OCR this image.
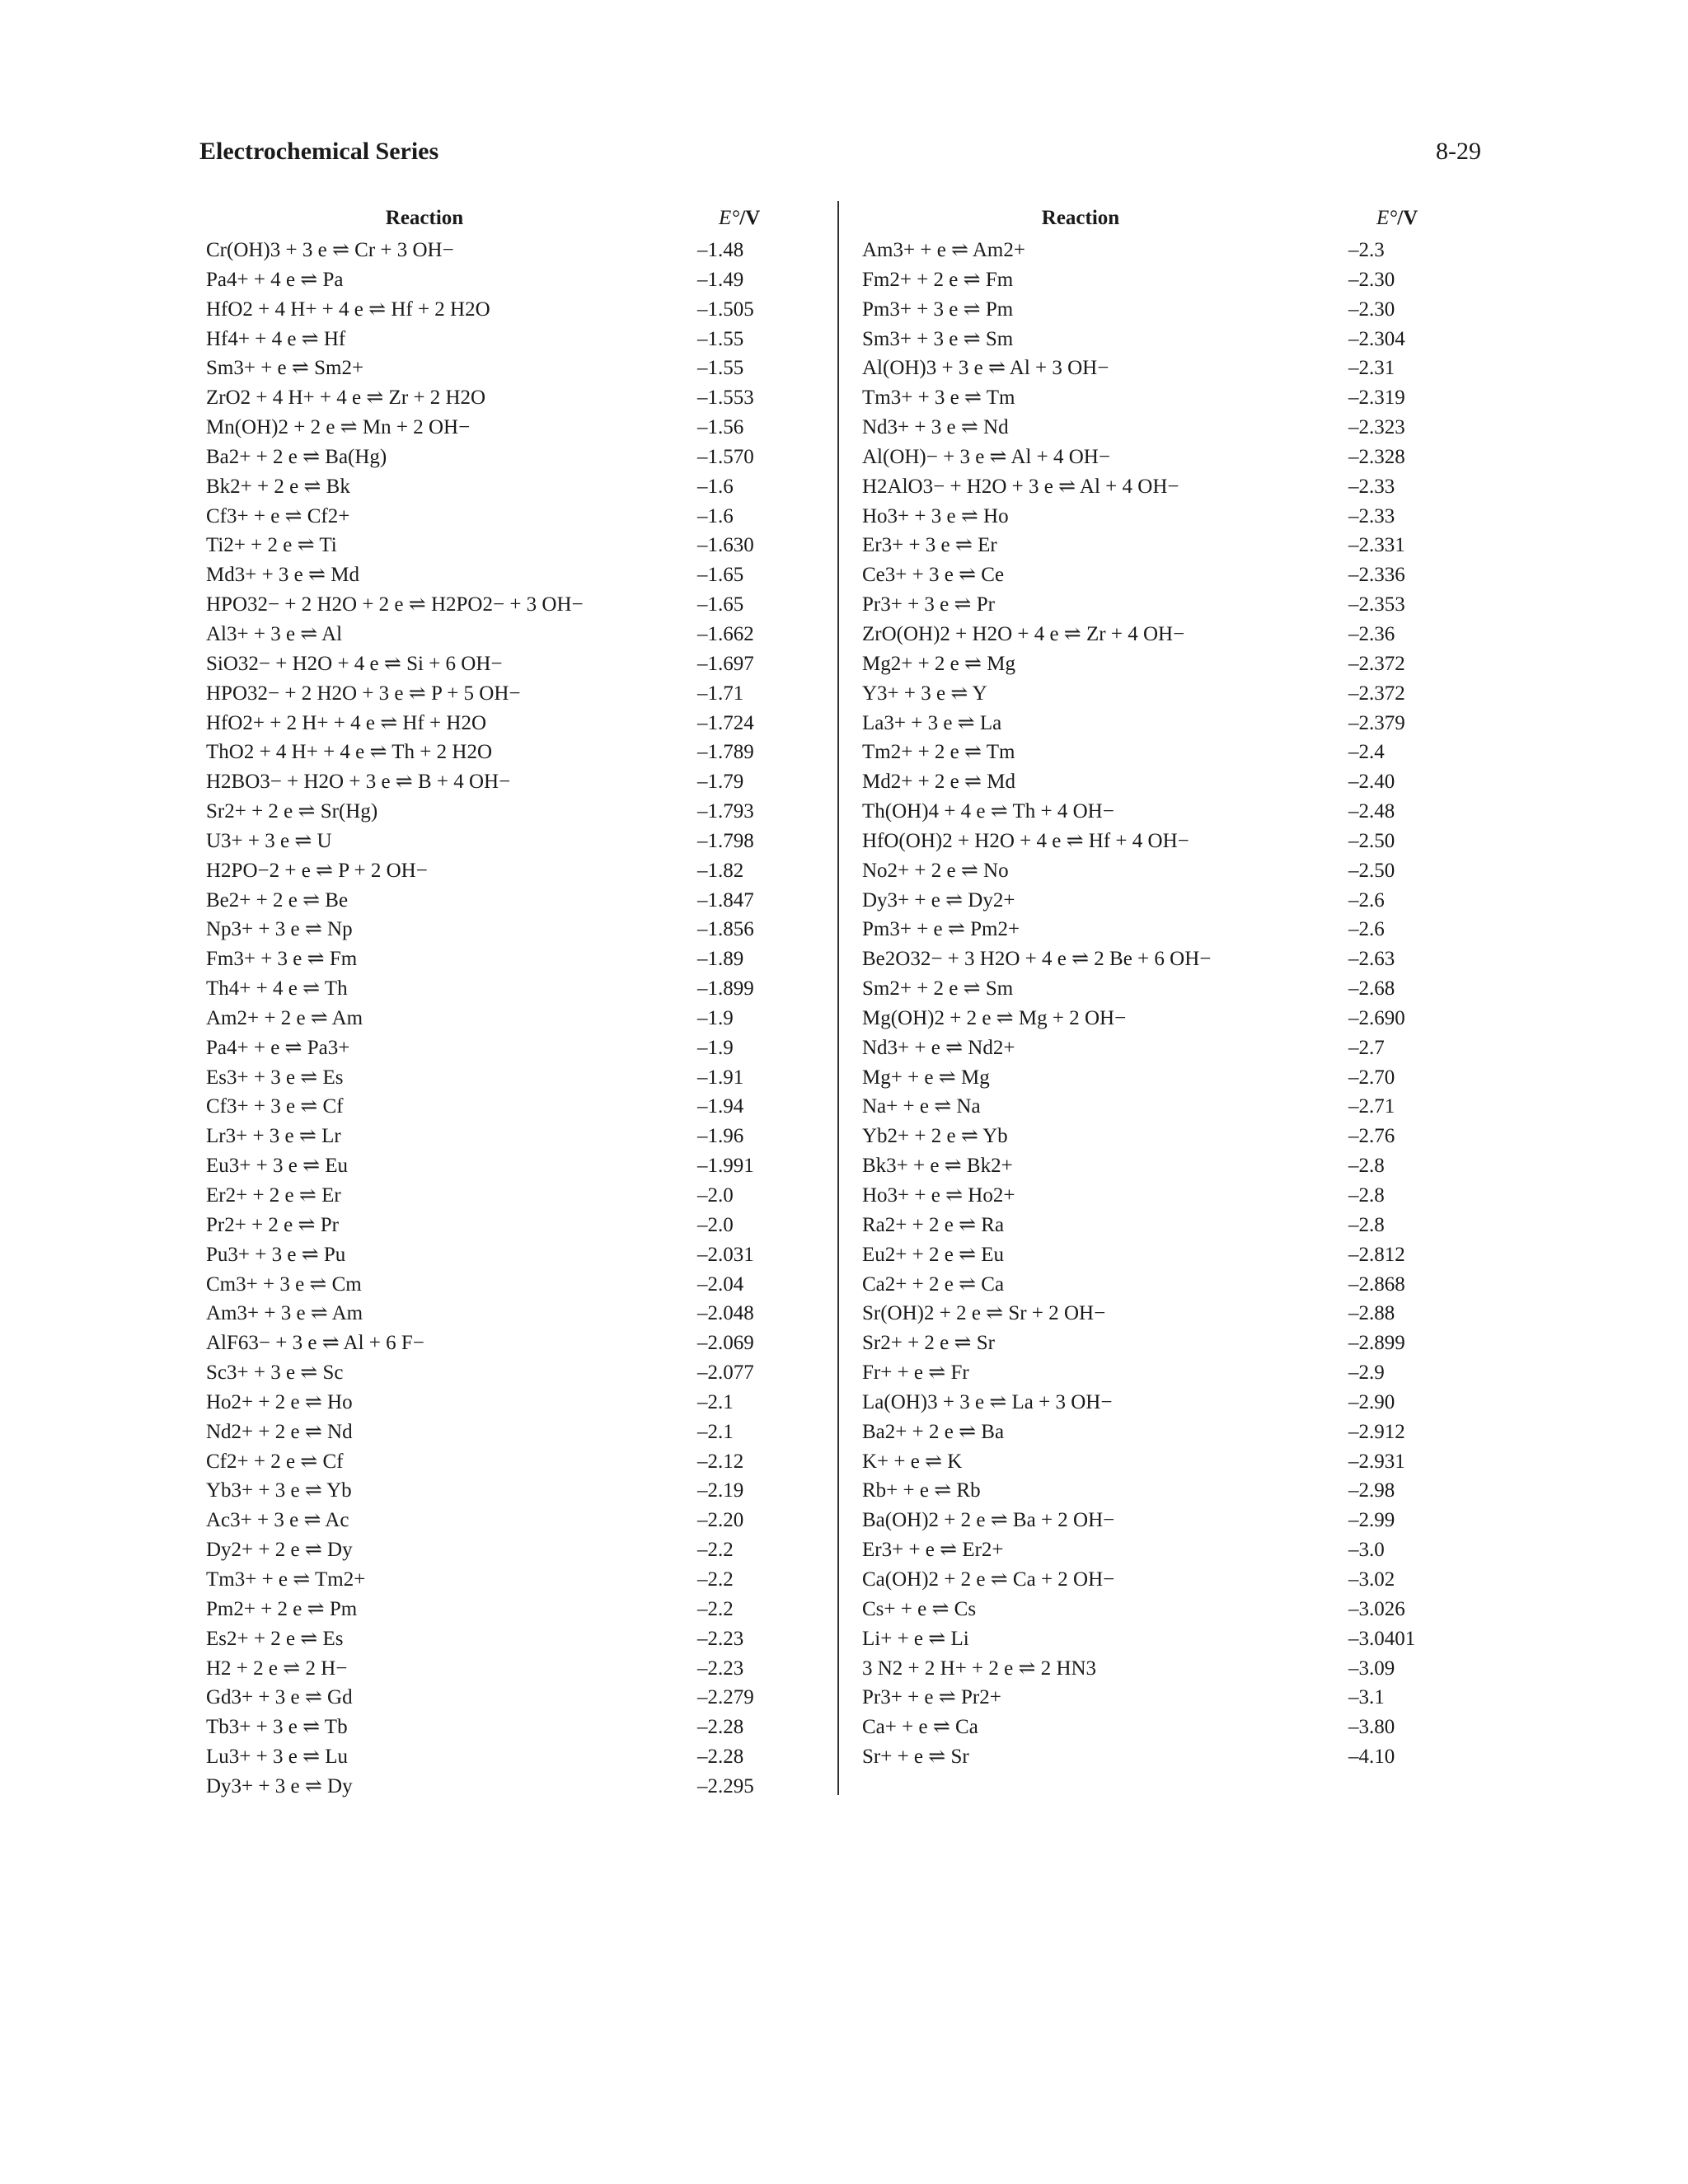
Electrochemical Series	8-29
Reaction	E°/V
Cr(OH)3 + 3 e ⇌ Cr + 3 OH−	–1.48
Pa4+ + 4 e ⇌ Pa	–1.49
HfO2 + 4 H+ + 4 e ⇌ Hf + 2 H2O	–1.505
Hf4+ + 4 e ⇌ Hf	–1.55
Sm3+ + e ⇌ Sm2+	–1.55
ZrO2 + 4 H+ + 4 e ⇌ Zr + 2 H2O	–1.553
Mn(OH)2 + 2 e ⇌ Mn + 2 OH−	–1.56
Ba2+ + 2 e ⇌ Ba(Hg)	–1.570
Bk2+ + 2 e ⇌ Bk	–1.6
Cf3+ + e ⇌ Cf2+	–1.6
Ti2+ + 2 e ⇌ Ti	–1.630
Md3+ + 3 e ⇌ Md	–1.65
HPO32− + 2 H2O + 2 e ⇌ H2PO2− + 3 OH−	–1.65
Al3+ + 3 e ⇌ Al	–1.662
SiO32− + H2O + 4 e ⇌ Si + 6 OH−	–1.697
HPO32− + 2 H2O + 3 e ⇌ P + 5 OH−	–1.71
HfO2+ + 2 H+ + 4 e ⇌ Hf + H2O	–1.724
ThO2 + 4 H+ + 4 e ⇌ Th + 2 H2O	–1.789
H2BO3− + H2O + 3 e ⇌ B + 4 OH−	–1.79
Sr2+ + 2 e ⇌ Sr(Hg)	–1.793
U3+ + 3 e ⇌ U	–1.798
H2PO−2 + e ⇌ P + 2 OH−	–1.82
Be2+ + 2 e ⇌ Be	–1.847
Np3+ + 3 e ⇌ Np	–1.856
Fm3+ + 3 e ⇌ Fm	–1.89
Th4+ + 4 e ⇌ Th	–1.899
Am2+ + 2 e ⇌ Am	–1.9
Pa4+ + e ⇌ Pa3+	–1.9
Es3+ + 3 e ⇌ Es	–1.91
Cf3+ + 3 e ⇌ Cf	–1.94
Lr3+ + 3 e ⇌ Lr	–1.96
Eu3+ + 3 e ⇌ Eu	–1.991
Er2+ + 2 e ⇌ Er	–2.0
Pr2+ + 2 e ⇌ Pr	–2.0
Pu3+ + 3 e ⇌ Pu	–2.031
Cm3+ + 3 e ⇌ Cm	–2.04
Am3+ + 3 e ⇌ Am	–2.048
AlF63− + 3 e ⇌ Al + 6 F−	–2.069
Sc3+ + 3 e ⇌ Sc	–2.077
Ho2+ + 2 e ⇌ Ho	–2.1
Nd2+ + 2 e ⇌ Nd	–2.1
Cf2+ + 2 e ⇌ Cf	–2.12
Yb3+ + 3 e ⇌ Yb	–2.19
Ac3+ + 3 e ⇌ Ac	–2.20
Dy2+ + 2 e ⇌ Dy	–2.2
Tm3+ + e ⇌ Tm2+	–2.2
Pm2+ + 2 e ⇌ Pm	–2.2
Es2+ + 2 e ⇌ Es	–2.23
H2 + 2 e ⇌ 2 H−	–2.23
Gd3+ + 3 e ⇌ Gd	–2.279
Tb3+ + 3 e ⇌ Tb	–2.28
Lu3+ + 3 e ⇌ Lu	–2.28
Dy3+ + 3 e ⇌ Dy	–2.295
Reaction	E°/V
Am3+ + e ⇌ Am2+	–2.3
Fm2+ + 2 e ⇌ Fm	–2.30
Pm3+ + 3 e ⇌ Pm	–2.30
Sm3+ + 3 e ⇌ Sm	–2.304
Al(OH)3 + 3 e ⇌ Al + 3 OH−	–2.31
Tm3+ + 3 e ⇌ Tm	–2.319
Nd3+ + 3 e ⇌ Nd	–2.323
Al(OH)− + 3 e ⇌ Al + 4 OH−	–2.328
H2AlO3− + H2O + 3 e ⇌ Al + 4 OH−	–2.33
Ho3+ + 3 e ⇌ Ho	–2.33
Er3+ + 3 e ⇌ Er	–2.331
Ce3+ + 3 e ⇌ Ce	–2.336
Pr3+ + 3 e ⇌ Pr	–2.353
ZrO(OH)2 + H2O + 4 e ⇌ Zr + 4 OH−	–2.36
Mg2+ + 2 e ⇌ Mg	–2.372
Y3+ + 3 e ⇌ Y	–2.372
La3+ + 3 e ⇌ La	–2.379
Tm2+ + 2 e ⇌ Tm	–2.4
Md2+ + 2 e ⇌ Md	–2.40
Th(OH)4 + 4 e ⇌ Th + 4 OH−	–2.48
HfO(OH)2 + H2O + 4 e ⇌ Hf + 4 OH−	–2.50
No2+ + 2 e ⇌ No	–2.50
Dy3+ + e ⇌ Dy2+	–2.6
Pm3+ + e ⇌ Pm2+	–2.6
Be2O32− + 3 H2O + 4 e ⇌ 2 Be + 6 OH−	–2.63
Sm2+ + 2 e ⇌ Sm	–2.68
Mg(OH)2 + 2 e ⇌ Mg + 2 OH−	–2.690
Nd3+ + e ⇌ Nd2+	–2.7
Mg+ + e ⇌ Mg	–2.70
Na+ + e ⇌ Na	–2.71
Yb2+ + 2 e ⇌ Yb	–2.76
Bk3+ + e ⇌ Bk2+	–2.8
Ho3+ + e ⇌ Ho2+	–2.8
Ra2+ + 2 e ⇌ Ra	–2.8
Eu2+ + 2 e ⇌ Eu	–2.812
Ca2+ + 2 e ⇌ Ca	–2.868
Sr(OH)2 + 2 e ⇌ Sr + 2 OH−	–2.88
Sr2+ + 2 e ⇌ Sr	–2.899
Fr+ + e ⇌ Fr	–2.9
La(OH)3 + 3 e ⇌ La + 3 OH−	–2.90
Ba2+ + 2 e ⇌ Ba	–2.912
K+ + e ⇌ K	–2.931
Rb+ + e ⇌ Rb	–2.98
Ba(OH)2 + 2 e ⇌ Ba + 2 OH−	–2.99
Er3+ + e ⇌ Er2+	–3.0
Ca(OH)2 + 2 e ⇌ Ca + 2 OH−	–3.02
Cs+ + e ⇌ Cs	–3.026
Li+ + e ⇌ Li	–3.0401
3 N2 + 2 H+ + 2 e ⇌ 2 HN3	–3.09
Pr3+ + e ⇌ Pr2+	–3.1
Ca+ + e ⇌ Ca	–3.80
Sr+ + e ⇌ Sr	–4.10
